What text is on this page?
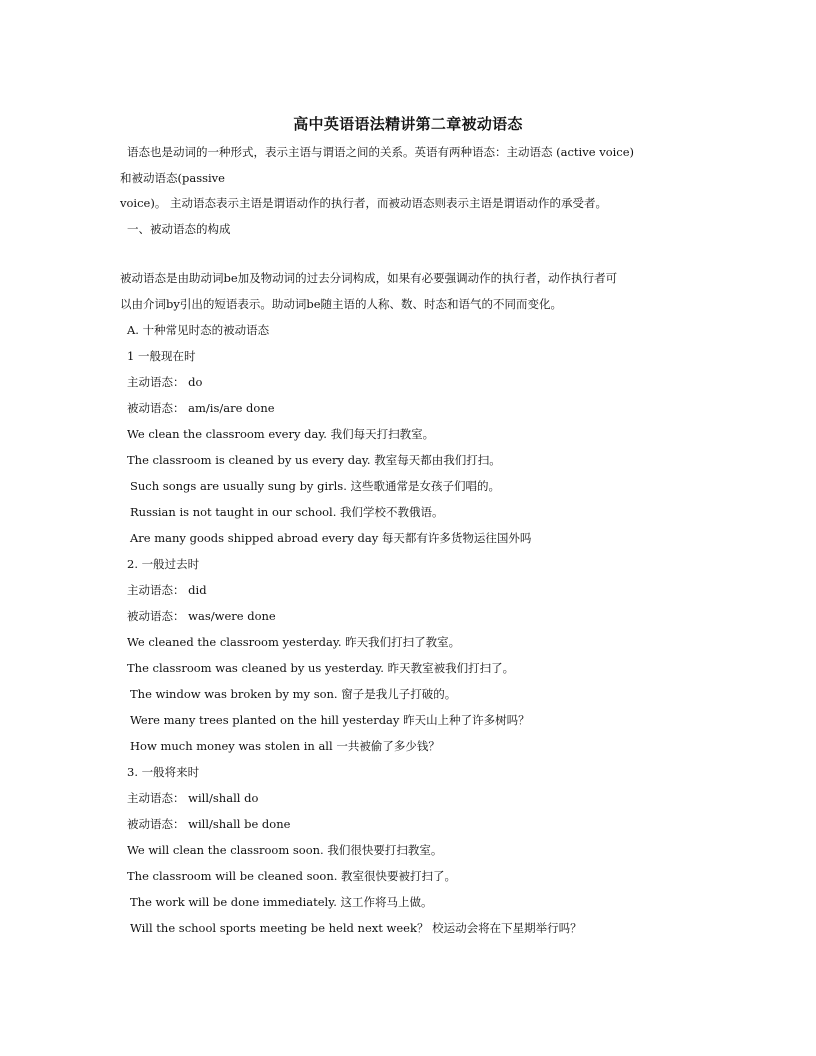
高中英语语法精讲第二章被动语态
语态也是动词的一种形式，表示主语与谓语之间的关系。英语有两种语态：主动语态 (active voice)
和被动语态(passive
voice)。 主动语态表示主语是谓语动作的执行者，而被动语态则表示主语是谓语动作的承受者。
一、被动语态的构成
被动语态是由助动词be加及物动词的过去分词构成，如果有必要强调动作的执行者，动作执行者可
以由介词by引出的短语表示。助动词be随主语的人称、数、时态和语气的不同而变化。
A. 十种常见时态的被动语态
1 一般现在时
主动语态： do
被动语态： am/is/are done
We clean the classroom every day. 我们每天打扫教室。
The classroom is cleaned by us every day. 教室每天都由我们打扫。
Such songs are usually sung by girls. 这些歌通常是女孩子们唱的。
Russian is not taught in our school. 我们学校不教俄语。
Are many goods shipped abroad every day 每天都有许多货物运往国外吗
2. 一般过去时
主动语态： did
被动语态： was/were done
We cleaned the classroom yesterday. 昨天我们打扫了教室。
The classroom was cleaned by us yesterday. 昨天教室被我们打扫了。
The window was broken by my son. 窗子是我儿子打破的。
Were many trees planted on the hill yesterday 昨天山上种了许多树吗？
How much money was stolen in all 一共被偷了多少钱？
3. 一般将来时
主动语态： will/shall do
被动语态： will/shall be done
We will clean the classroom soon. 我们很快要打扫教室。
The classroom will be cleaned soon. 教室很快要被打扫了。
The work will be done immediately. 这工作将马上做。
Will the school sports meeting be held next week？ 校运动会将在下星期举行吗？
